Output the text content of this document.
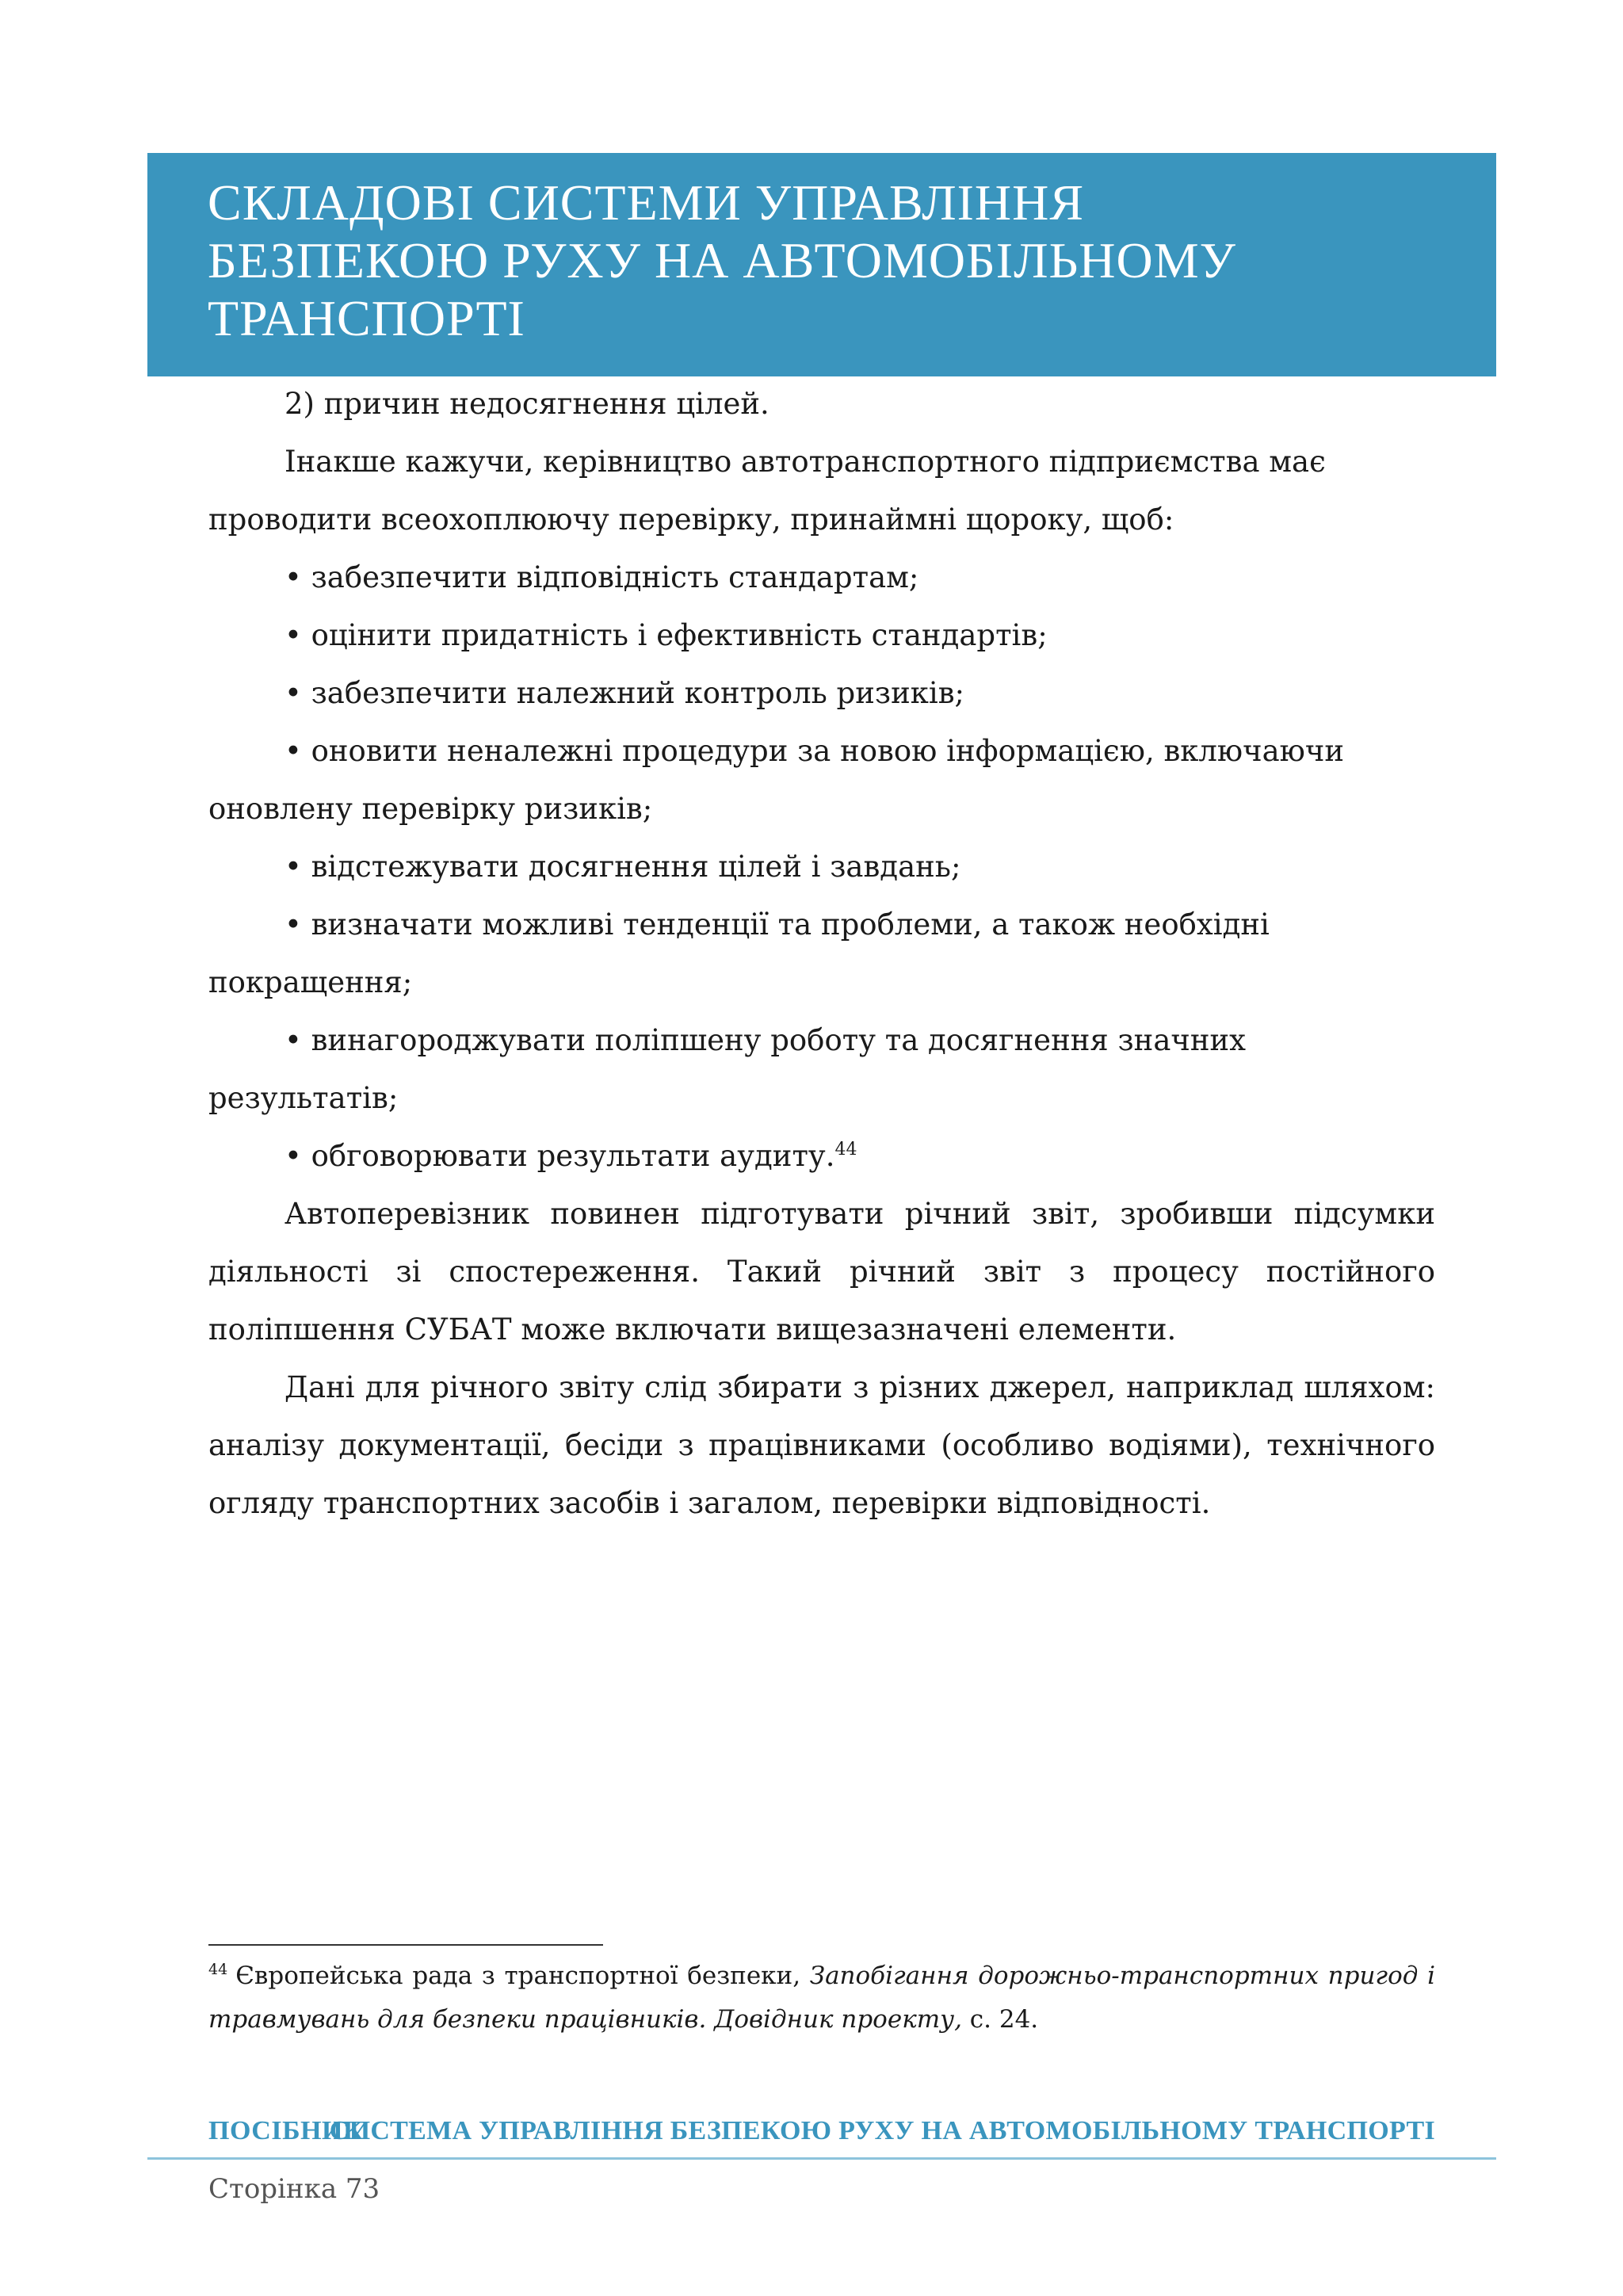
СКЛАДОВІ СИСТЕМИ УПРАВЛІННЯ
БЕЗПЕКОЮ РУХУ НА АВТОМОБІЛЬНОМУ
ТРАНСПОРТІ

2) причин недосягнення цілей.

Інакше кажучи, керівництво автотранспортного підприємства має

проводити всеохоплюючу перевірку, принаймні щороку, щоб:

• забезпечити відповідність стандартам;

• оцінити придатність і ефективність стандартів;

• забезпечити належний контроль ризиків;

• оновити неналежні процедури за новою інформацією, включаючи

оновлену перевірку ризиків;

• відстежувати досягнення цілей і завдань;

• визначати можливі тенденції та проблеми, а також необхідні покращення;

• винагороджувати поліпшену роботу та досягнення значних результатів;

• обговорювати результати аудиту.$^{44}$

Автоперевізник повинен підготувати річний звіт, зробивши підсумки діяльності зі спостереження. Такий річний звіт з процесу постійного поліпшення СУБАТ може включати вищезазначені елементи.

Дані для річного звіту слід збирати з різних джерел, наприклад шляхом: аналізу документації, бесіди з працівниками (особливо водіями), технічного огляду транспортних засобів і загалом, перевірки відповідності.

$^{44}$ Європейська рада з транспортної безпеки, Запобігання дорожньо-транспортних пригод і травмувань для безпеки працівників. Довідник проекту, с. 24.
ПОСІБНИК
СИСТЕМА УПРАВЛІННЯ БЕЗПЕКОЮ РУХУ НА АВТОМОБІЛЬНОМУ ТРАНСПОРТІ
Сторінка 73
